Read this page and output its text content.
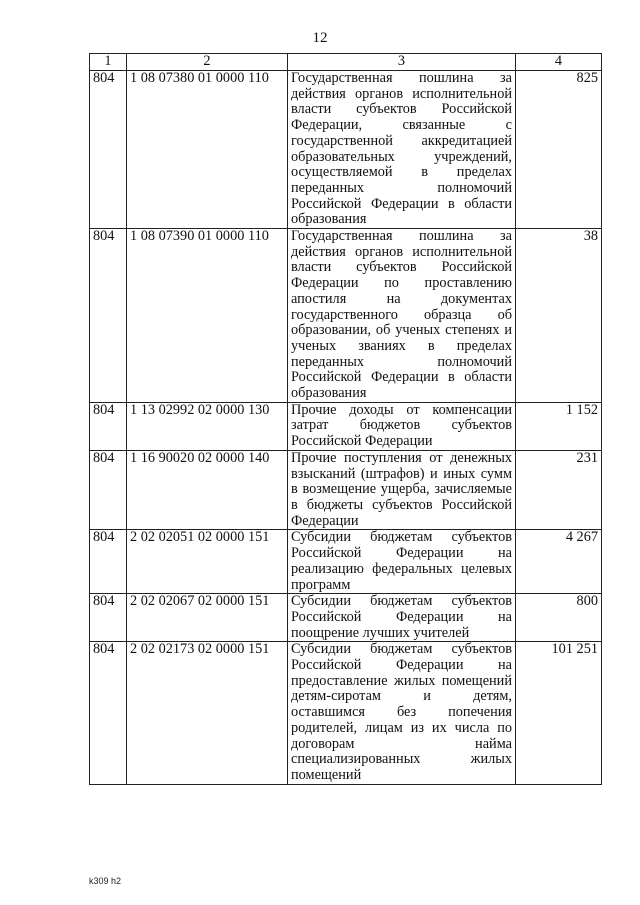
12
1	2	3	4
804	1 08 07380 01 0000 110	Государственная пошлина за действия органов исполнительной власти субъектов Российской Федерации, связанные с государственной аккредитацией образовательных учреждений, осуществляемой в пределах переданных полномочий Российской Федерации в области образования	825
804	1 08 07390 01 0000 110	Государственная пошлина за действия органов исполнительной власти субъектов Российской Федерации по проставлению апостиля на документах государственного образца об образовании, об ученых степенях и ученых званиях в пределах переданных полномочий Российской Федерации в области образования	38
804	1 13 02992 02 0000 130	Прочие доходы от компенсации затрат бюджетов субъектов Российской Федерации	1 152
804	1 16 90020 02 0000 140	Прочие поступления от денежных взысканий (штрафов) и иных сумм в возмещение ущерба, зачисляемые в бюджеты субъектов Российской Федерации	231
804	2 02 02051 02 0000 151	Субсидии бюджетам субъектов Российской Федерации на реализацию федеральных целевых программ	4 267
804	2 02 02067 02 0000 151	Субсидии бюджетам субъектов Российской Федерации на поощрение лучших учителей	800
804	2 02 02173 02 0000 151	Субсидии бюджетам субъектов Российской Федерации на предоставление жилых помещений детям-сиротам и детям, оставшимся без попечения родителей, лицам из их числа по договорам найма специализированных жилых помещений	101 251
k309 h2
